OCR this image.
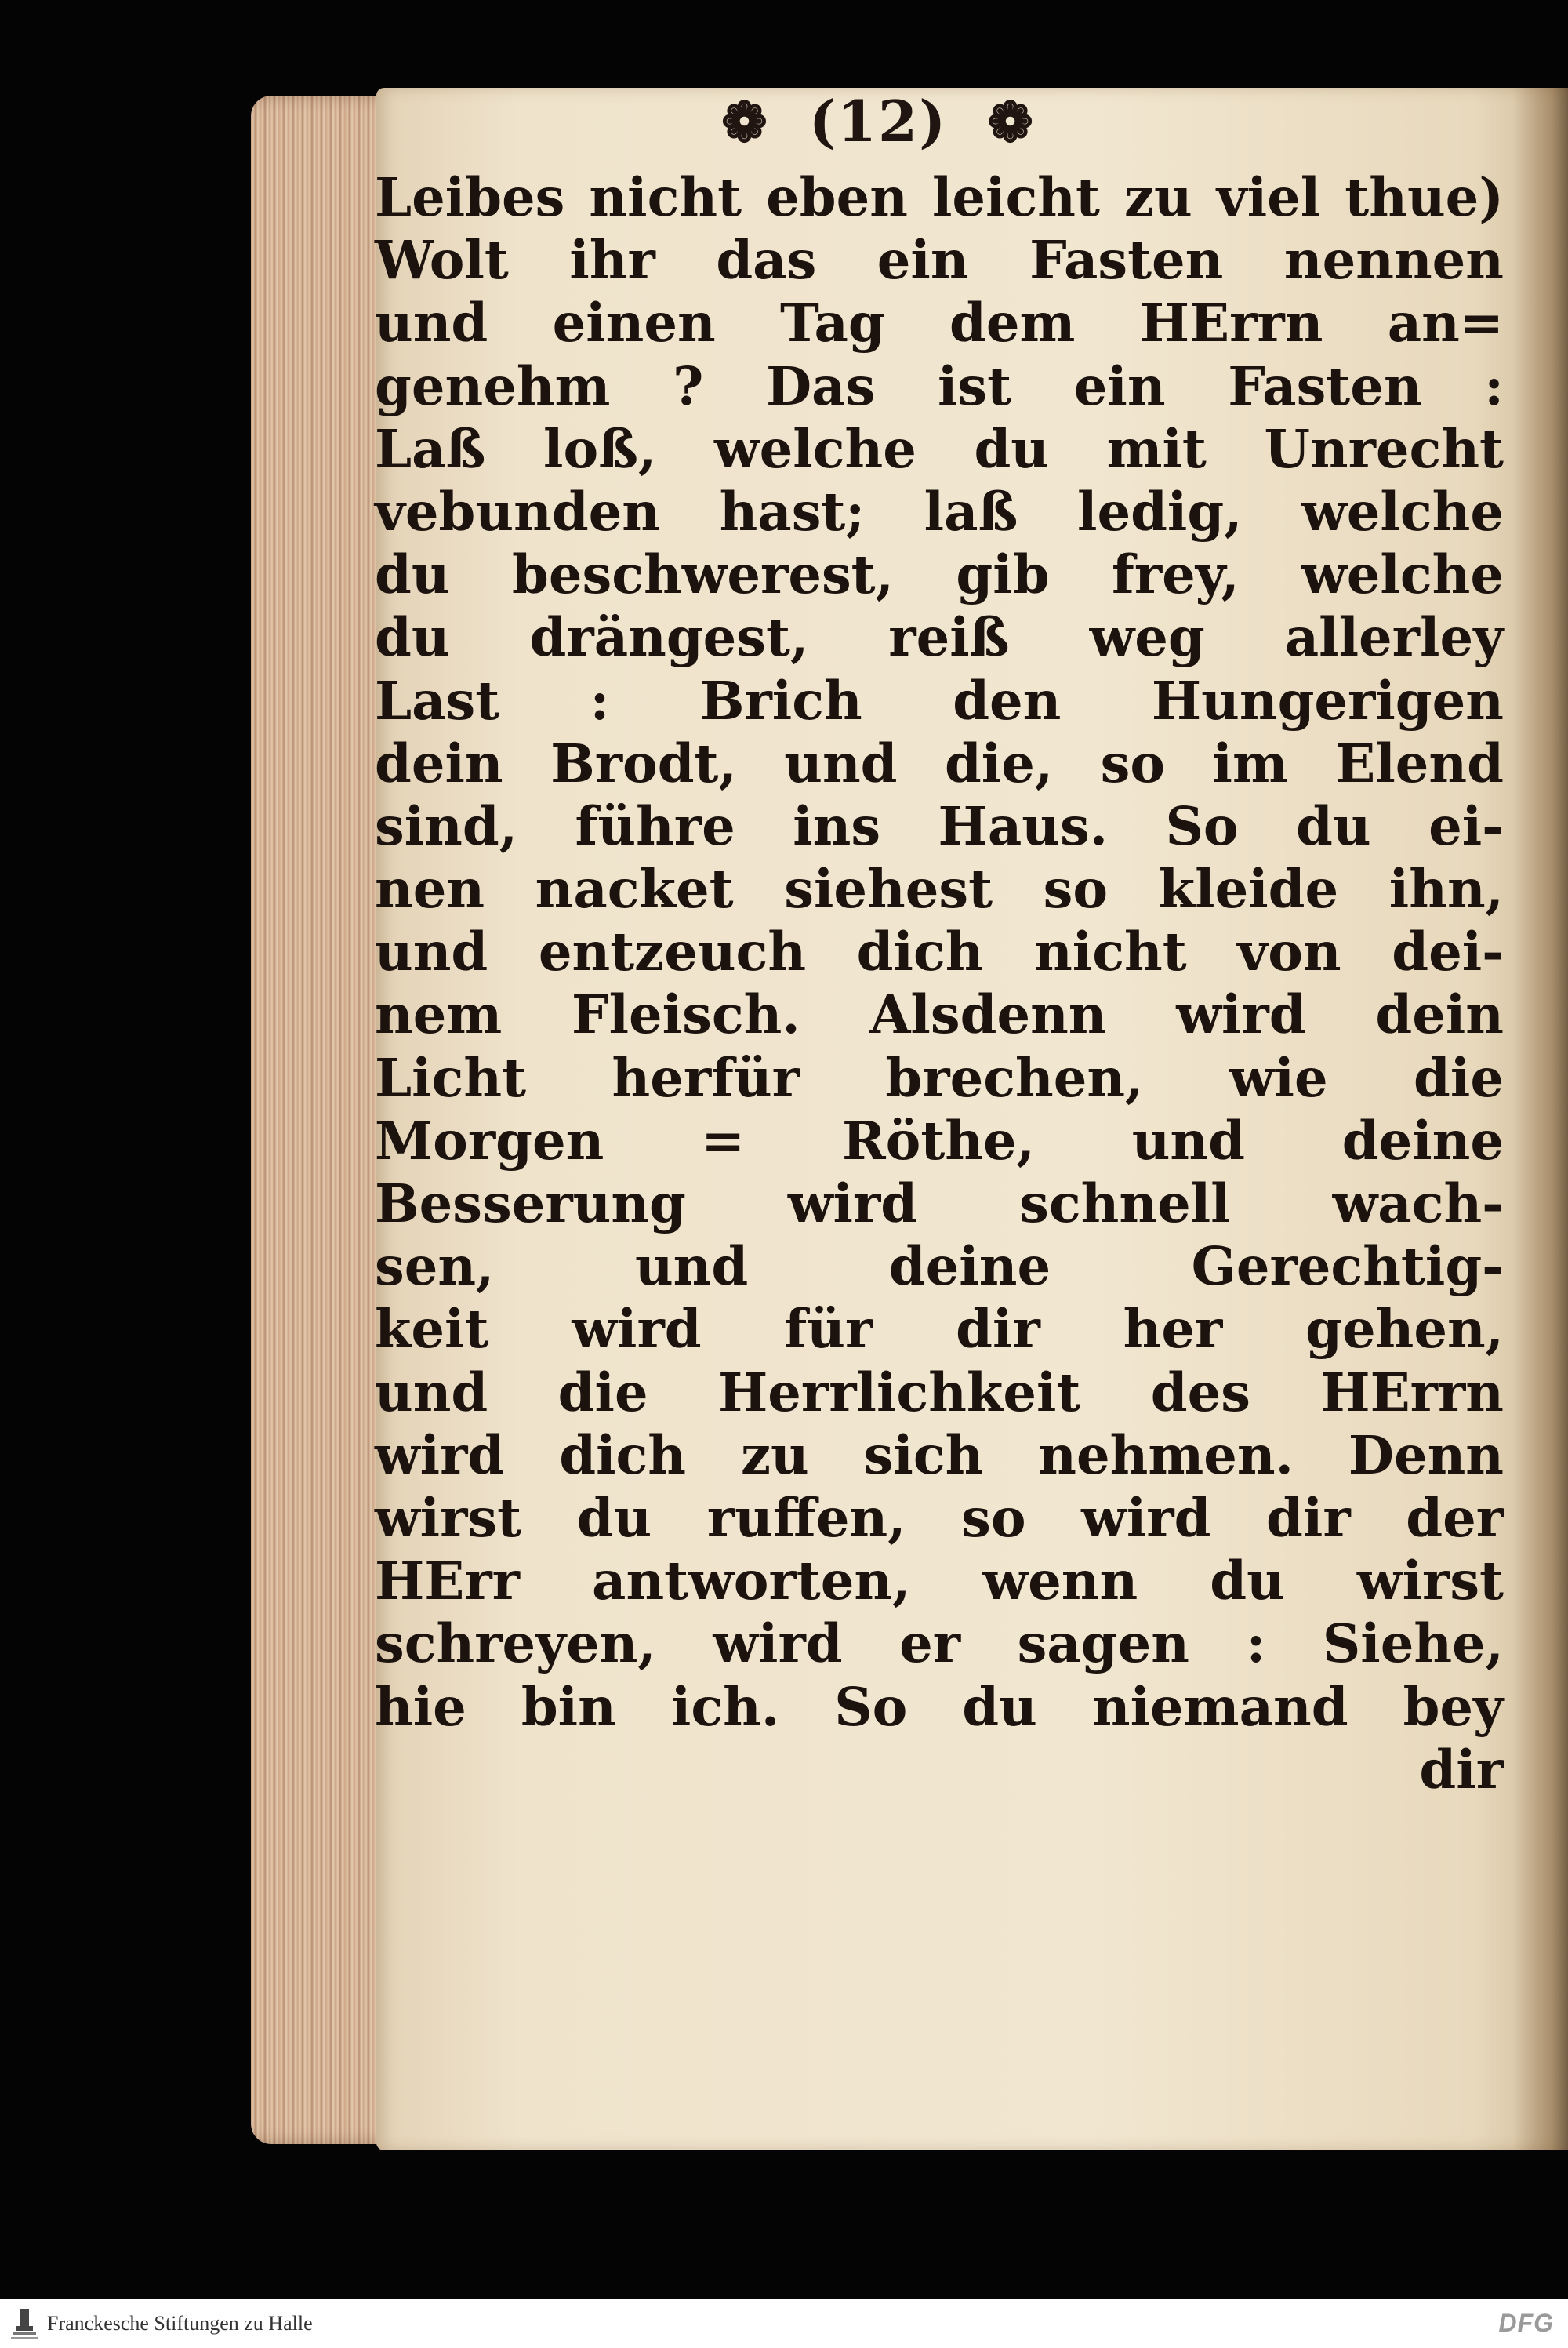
❁ (12) ❁
Leibes nicht eben leicht zu viel thue)
Wolt ihr das ein Fasten nennen
und einen Tag dem HErrn an=
genehm ? Das ist ein Fasten :
Laß loß, welche du mit Unrecht
vebunden hast; laß ledig, welche
du beschwerest, gib frey, welche
du drängest, reiß weg allerley
Last : Brich den Hungerigen
dein Brodt, und die, so im Elend
sind, führe ins Haus. So du ei-
nen nacket siehest so kleide ihn,
und entzeuch dich nicht von dei-
nem Fleisch. Alsdenn wird dein
Licht herfür brechen, wie die
Morgen = Röthe, und deine
Besserung wird schnell wach-
sen, und deine Gerechtig-
keit wird für dir her gehen,
und die Herrlichkeit des HErrn
wird dich zu sich nehmen. Denn
wirst du ruffen, so wird dir der
HErr antworten, wenn du wirst
schreyen, wird er sagen : Siehe,
hie bin ich. So du niemand bey
dir
Franckesche Stiftungen zu Halle	DFG
